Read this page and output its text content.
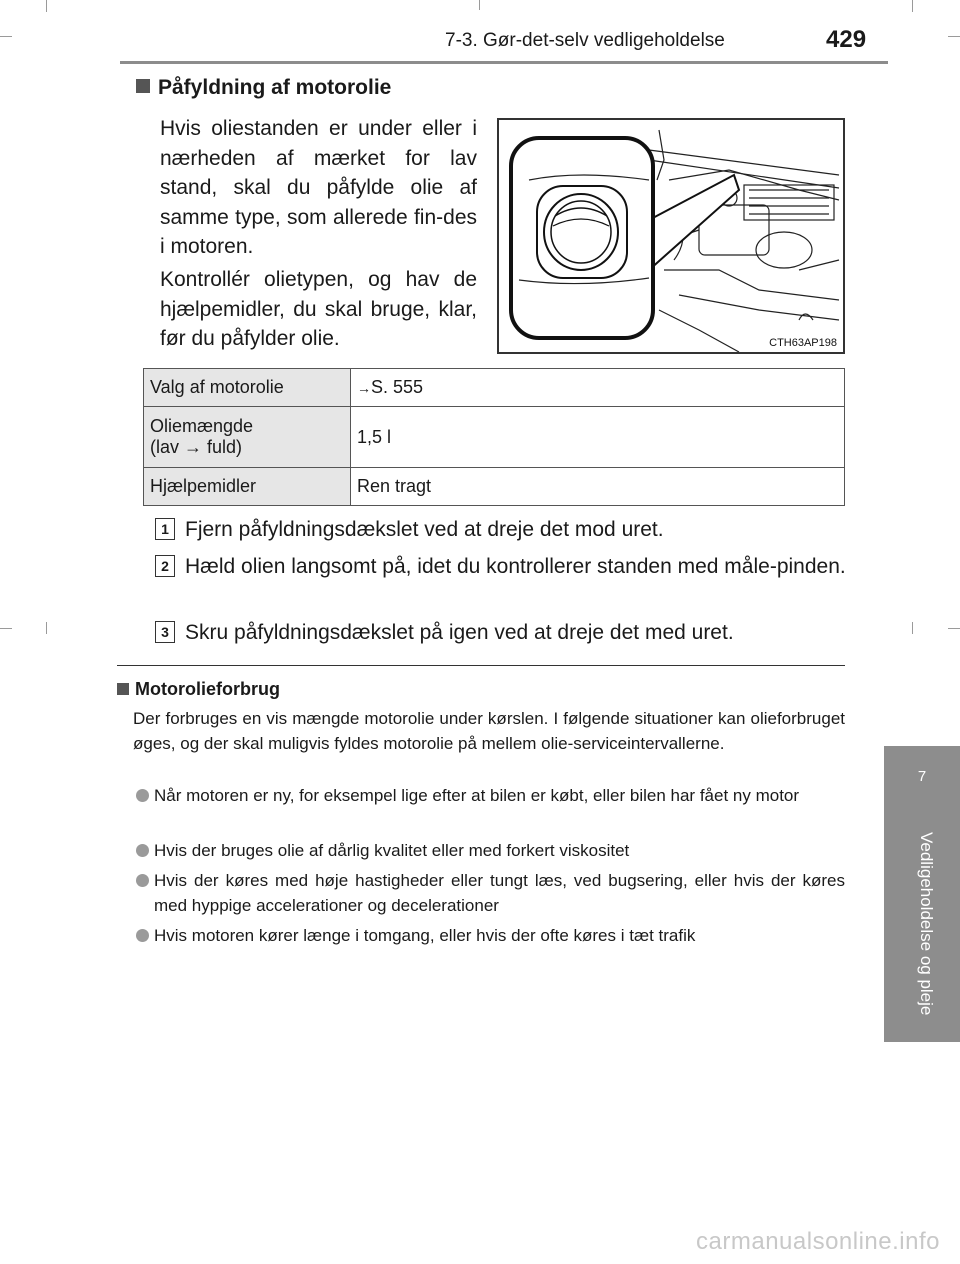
7-3. Gør-det-selv vedligeholdelse	429
7
Vedligeholdelse og pleje
Påfyldning af motorolie
Hvis oliestanden er under eller i nærheden af mærket for lav stand, skal du påfylde olie af samme type, som allerede fin-des i motoren.
Kontrollér olietypen, og hav de hjælpemidler, du skal bruge, klar, før du påfylder olie.	CTH63AP198
Valg af motorolie	→S. 555
Oliemængde
(lav → fuld)	1,5 l
Hjælpemidler	Ren tragt
1 Fjern påfyldningsdækslet ved at dreje det mod uret.
2 Hæld olien langsomt på, idet du kontrollerer standen med måle-pinden.
3 Skru påfyldningsdækslet på igen ved at dreje det med uret.
Motorolieforbrug
Der forbruges en vis mængde motorolie under kørslen. I følgende situationer kan olieforbruget øges, og der skal muligvis fyldes motorolie på mellem olie-serviceintervallerne.
Når motoren er ny, for eksempel lige efter at bilen er købt, eller bilen har fået ny motor
Hvis der bruges olie af dårlig kvalitet eller med forkert viskositet
Hvis der køres med høje hastigheder eller tungt læs, ved bugsering, eller hvis der køres med hyppige accelerationer og decelerationer
Hvis motoren kører længe i tomgang, eller hvis der ofte køres i tæt trafik
carmanualsonline.info
